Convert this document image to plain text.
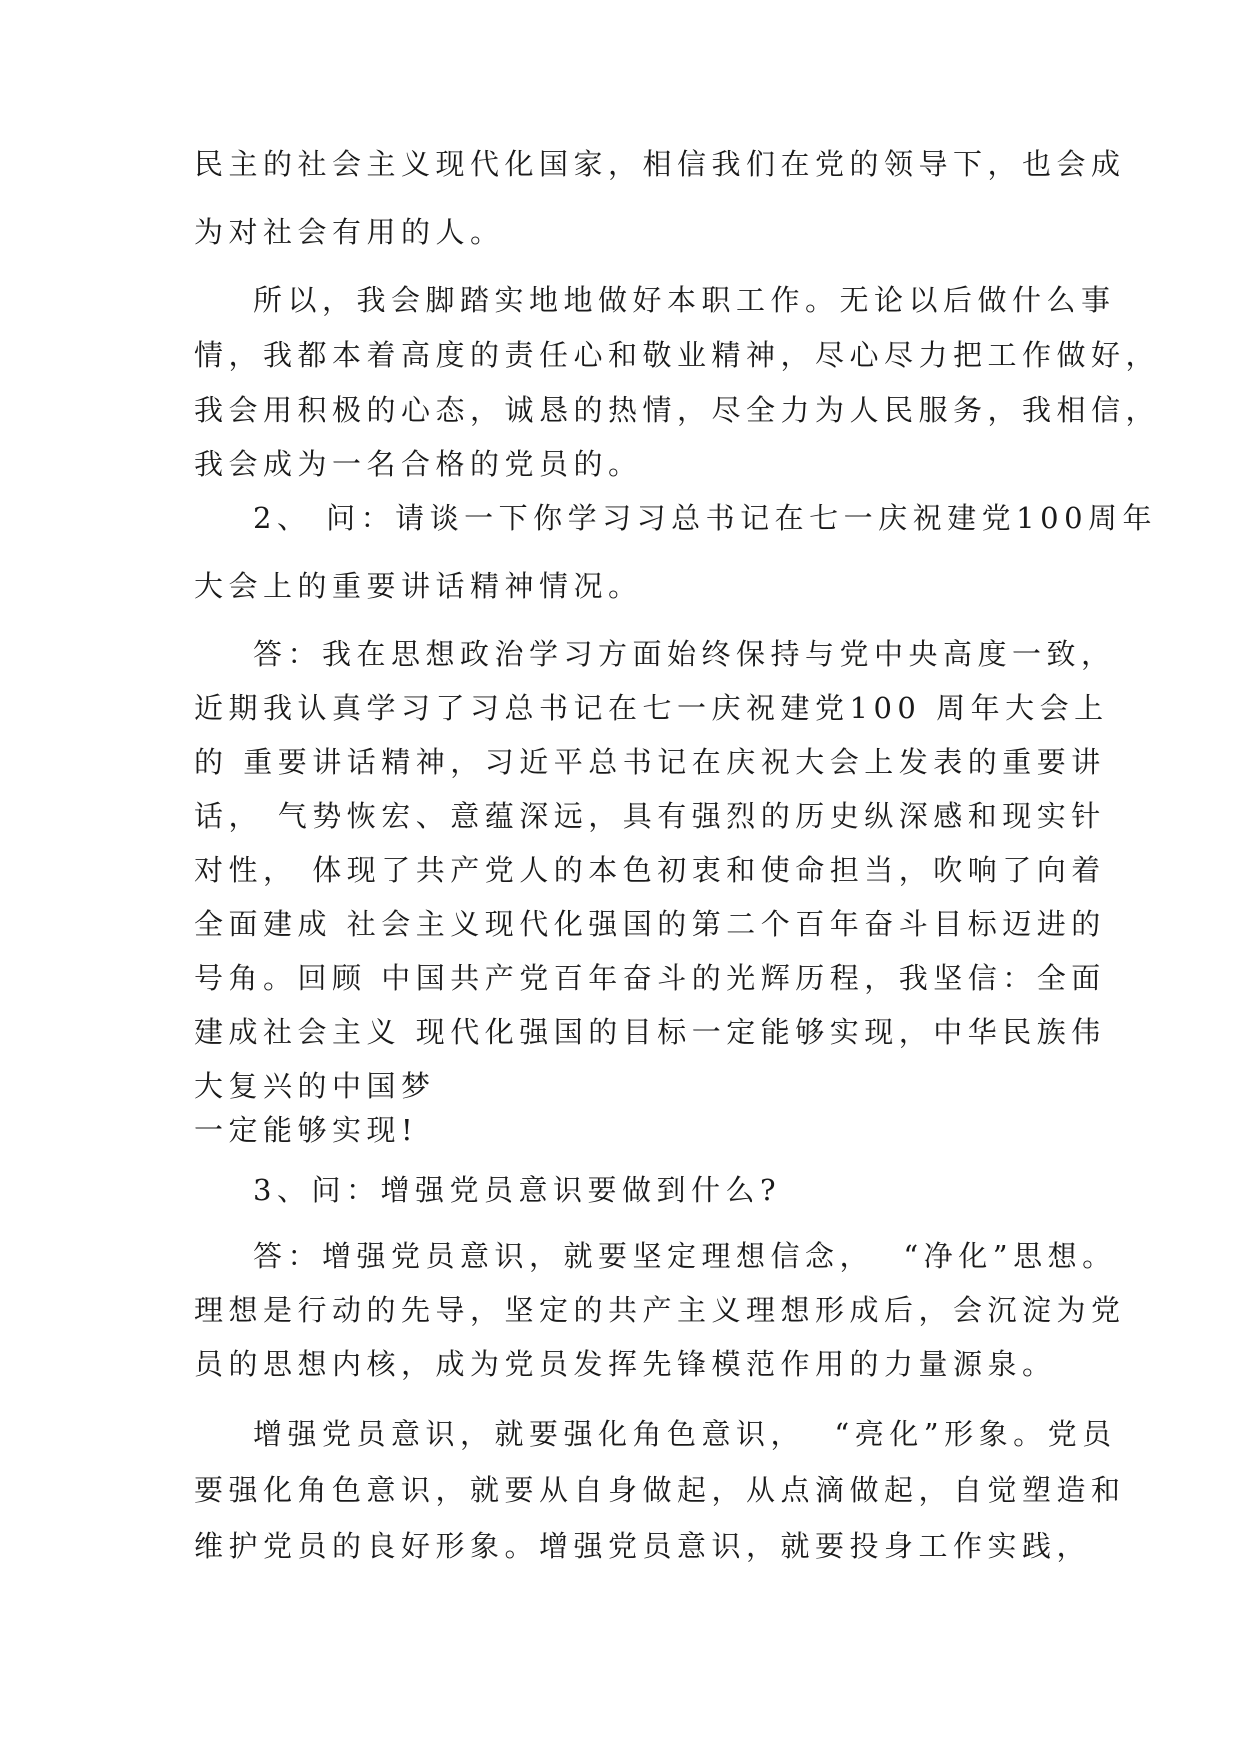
民主的社会主义现代化国家，相信我们在党的领导下，也会成

为对社会有用的人。

所以，我会脚踏实地地做好本职工作。无论以后做什么事

情，我都本着高度的责任心和敬业精神，尽心尽力把工作做好，

我会用积极的心态，诚恳的热情，尽全力为人民服务，我相信，

我会成为一名合格的党员的。

2、 问：请谈一下你学习习总书记在七一庆祝建党100周年

大会上的重要讲话精神情况。

答：我在思想政治学习方面始终保持与党中央高度一致，

近期我认真学习了习总书记在七一庆祝建党100 周年大会上

的 重要讲话精神，习近平总书记在庆祝大会上发表的重要讲

话， 气势恢宏、意蕴深远，具有强烈的历史纵深感和现实针

对性， 体现了共产党人的本色初衷和使命担当，吹响了向着

全面建成 社会主义现代化强国的第二个百年奋斗目标迈进的

号角。回顾 中国共产党百年奋斗的光辉历程，我坚信：全面

建成社会主义 现代化强国的目标一定能够实现，中华民族伟

大复兴的中国梦

一定能够实现!

3、问：增强党员意识要做到什么?

答：增强党员意识，就要坚定理想信念，  “净化”思想。

理想是行动的先导，坚定的共产主义理想形成后，会沉淀为党

员的思想内核，成为党员发挥先锋模范作用的力量源泉。

增强党员意识，就要强化角色意识，  “亮化”形象。党员

要强化角色意识，就要从自身做起，从点滴做起，自觉塑造和

维护党员的良好形象。增强党员意识，就要投身工作实践，
